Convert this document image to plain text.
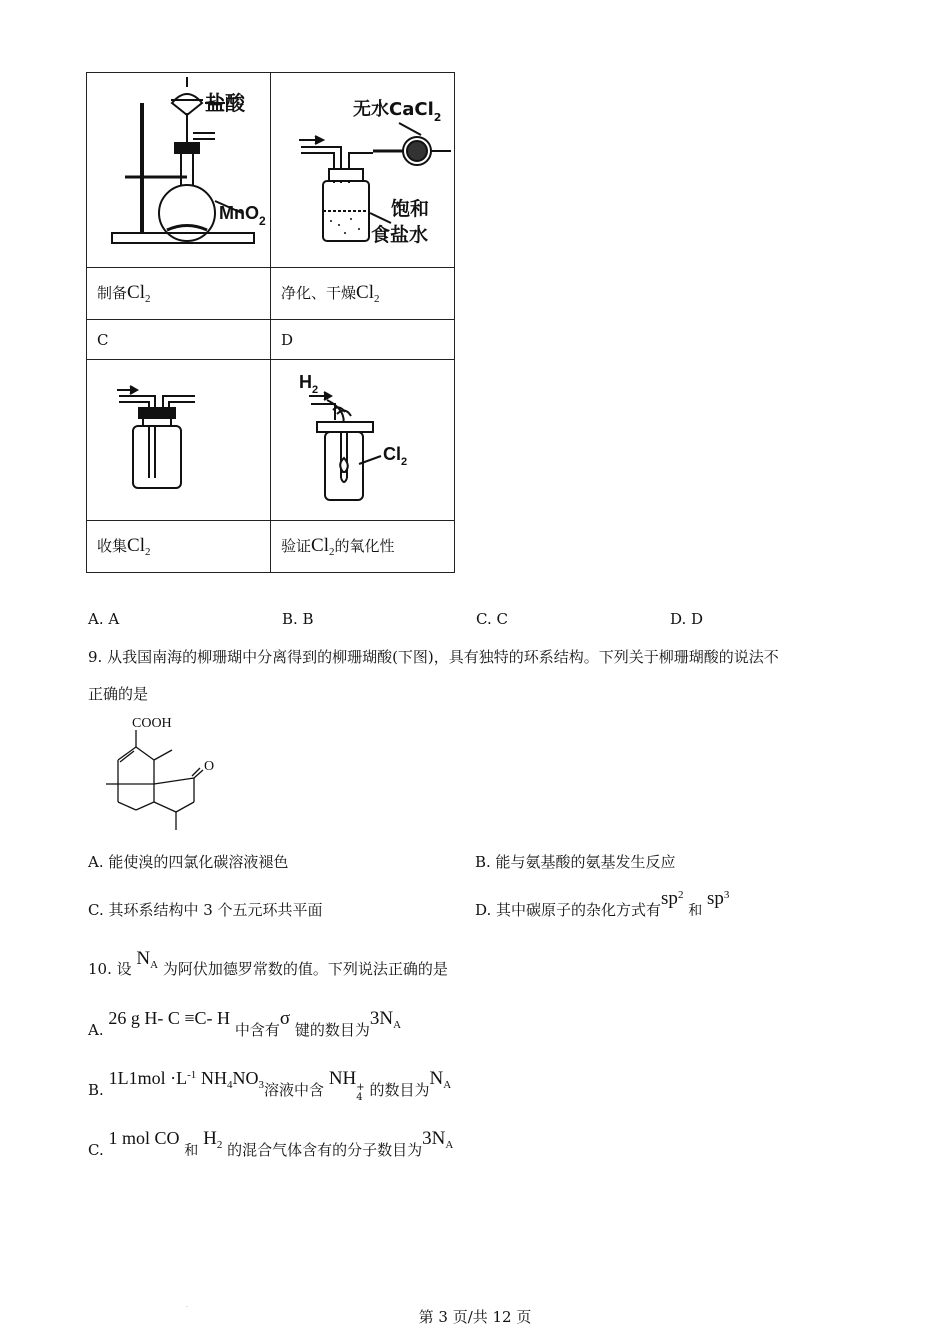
盐酸
MnO$_2$	无水CaCl$_2$
饱和
食盐水

制备$Cl_2$	净化、干燥$Cl_2$
C	D

$H_2$
$Cl_2$

收集$Cl_2$	验证$Cl_2$的氧化性
A. A	B. B	C. C	D. D
9. 从我国南海的柳珊瑚中分离得到的柳珊瑚酸(下图)，具有独特的环系结构。下列关于柳珊瑚酸的说法不
正确的是
COOH
O
A. 能使溴的四氯化碳溶液褪色	B. 能与氨基酸的氨基发生反应
C. 其环系结构中 3 个五元环共平面	D. 其中碳原子的杂化方式有$sp^2$ 和 $sp^3$
10. 设 $N_A$ 为阿伏加德罗常数的值。下列说法正确的是
A. 26 g H- C ≡C- H 中含有σ 键的数目为$3N_A$
B. $1L1mol \cdot L^{-1}$ $NH_4NO_3$溶液中含 NH +
4 的数目为$N_A$
C. 1 mol CO 和 $H_2$ 的混合气体含有的分子数目为$3N_A$
·
第 3 页/共 12 页
